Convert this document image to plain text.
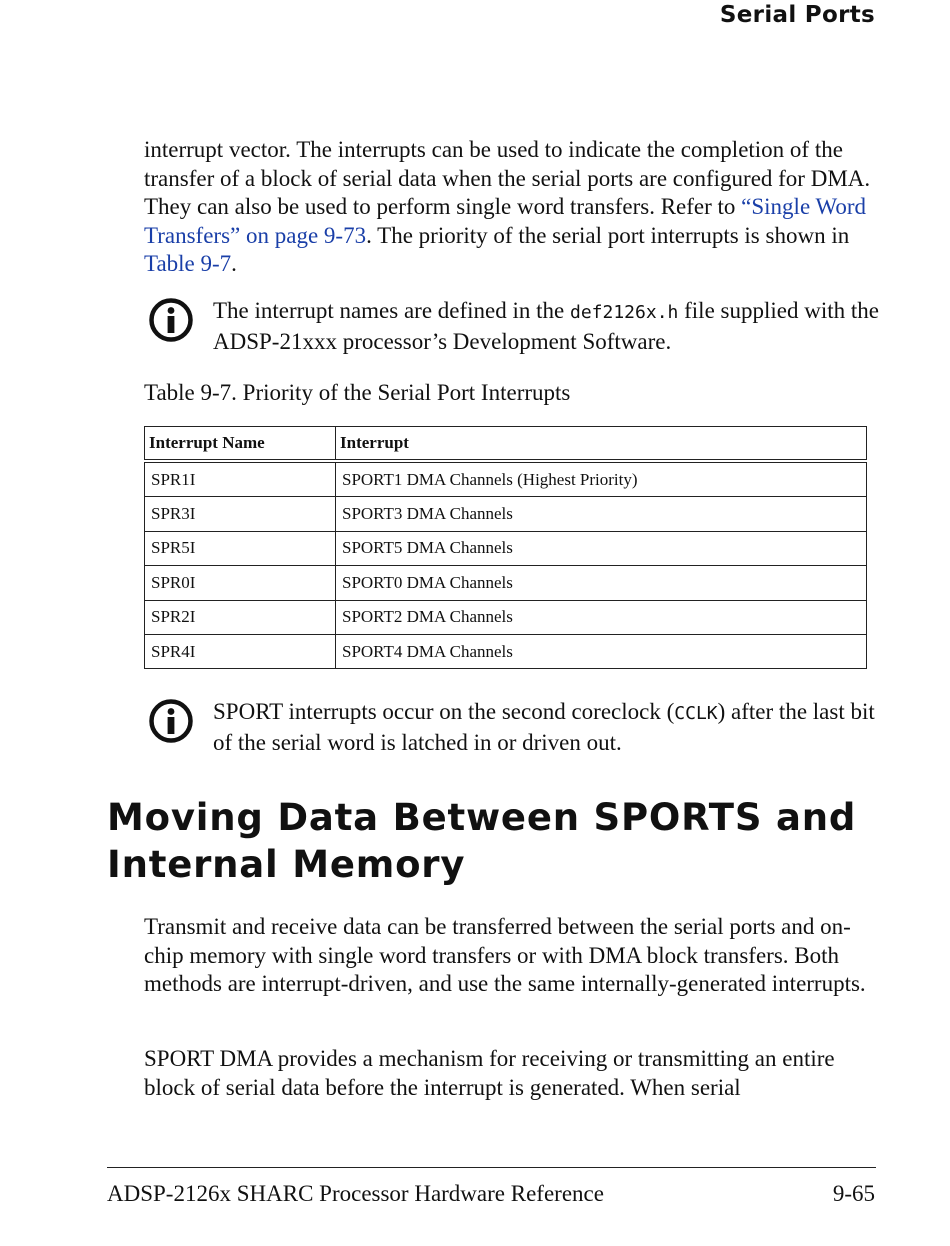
Serial Ports

interrupt vector. The interrupts can be used to indicate the completion of the transfer of a block of serial data when the serial ports are configured for DMA. They can also be used to perform single word transfers. Refer to “Single Word Transfers” on page 9-73. The priority of the serial port interrupts is shown in Table 9-7.

The interrupt names are defined in the def2126x.h file supplied with the ADSP-21xxx processor’s Development Software.

Table 9-7. Priority of the Serial Port Interrupts

Interrupt Name	Interrupt
SPR1I	SPORT1 DMA Channels (Highest Priority)
SPR3I	SPORT3 DMA Channels
SPR5I	SPORT5 DMA Channels
SPR0I	SPORT0 DMA Channels
SPR2I	SPORT2 DMA Channels
SPR4I	SPORT4 DMA Channels

SPORT interrupts occur on the second coreclock (CCLK) after the last bit of the serial word is latched in or driven out.

Moving Data Between SPORTS and Internal Memory

Transmit and receive data can be transferred between the serial ports and on-chip memory with single word transfers or with DMA block transfers. Both methods are interrupt-driven, and use the same internally-generated interrupts.

SPORT DMA provides a mechanism for receiving or transmitting an entire block of serial data before the interrupt is generated. When serial

ADSP-2126x SHARC Processor Hardware Reference	9-65
